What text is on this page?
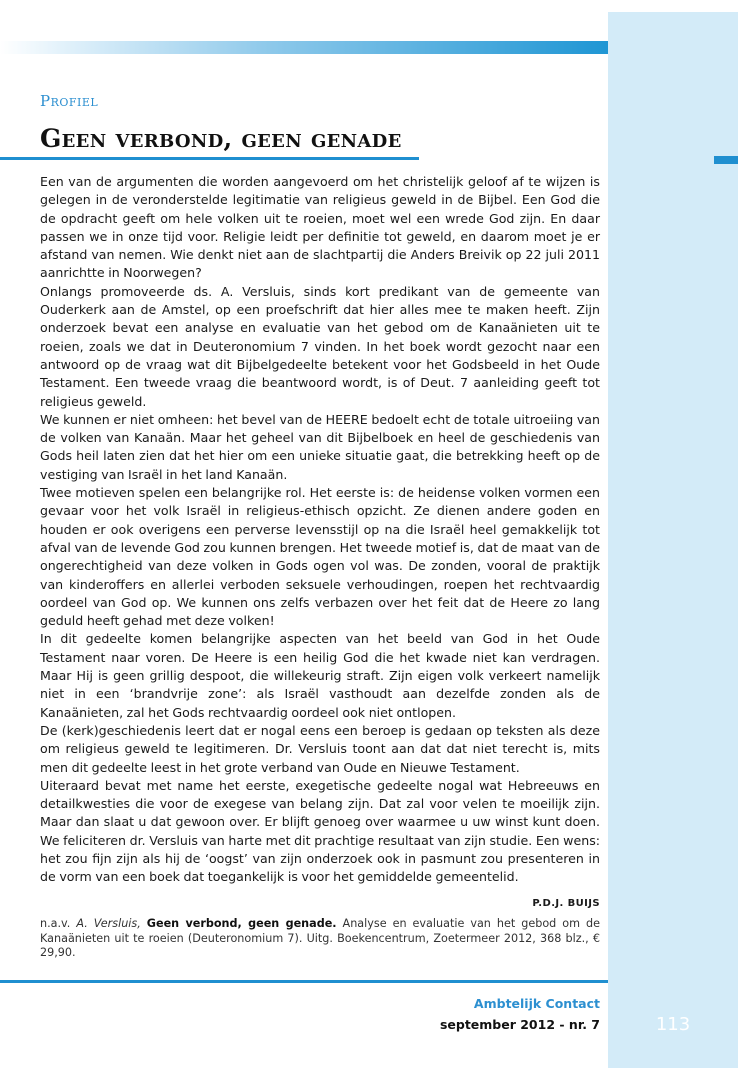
Profiel
Geen verbond, geen genade

Een van de argumenten die worden aangevoerd om het christelijk geloof af te wijzen is gelegen in de veronderstelde legitimatie van religieus geweld in de Bijbel. Een God die de opdracht geeft om hele volken uit te roeien, moet wel een wrede God zijn. En daar passen we in onze tijd voor. Religie leidt per definitie tot geweld, en daarom moet je er afstand van nemen. Wie denkt niet aan de slachtpartij die Anders Breivik op 22 juli 2011 aanrichtte in Noorwegen?

Onlangs promoveerde ds. A. Versluis, sinds kort predikant van de gemeente van Ouderkerk aan de Amstel, op een proefschrift dat hier alles mee te maken heeft. Zijn onderzoek bevat een analyse en evaluatie van het gebod om de Kanaänieten uit te roeien, zoals we dat in Deuteronomium 7 vinden. In het boek wordt gezocht naar een antwoord op de vraag wat dit Bijbelgedeelte betekent voor het Godsbeeld in het Oude Testament. Een tweede vraag die beantwoord wordt, is of Deut. 7 aanleiding geeft tot religieus geweld.

We kunnen er niet omheen: het bevel van de HEERE bedoelt echt de totale uitroeiing van de volken van Kanaän. Maar het geheel van dit Bijbelboek en heel de geschiedenis van Gods heil laten zien dat het hier om een unieke situatie gaat, die betrekking heeft op de vestiging van Israël in het land Kanaän.

Twee motieven spelen een belangrijke rol. Het eerste is: de heidense volken vormen een gevaar voor het volk Israël in religieus-ethisch opzicht. Ze dienen andere goden en houden er ook overigens een perverse levensstijl op na die Israël heel gemakkelijk tot afval van de levende God zou kunnen brengen. Het tweede motief is, dat de maat van de ongerechtigheid van deze volken in Gods ogen vol was. De zonden, vooral de praktijk van kinderoffers en allerlei verboden seksuele verhoudingen, roepen het rechtvaardig oordeel van God op. We kunnen ons zelfs verbazen over het feit dat de Heere zo lang geduld heeft gehad met deze volken!

In dit gedeelte komen belangrijke aspecten van het beeld van God in het Oude Testament naar voren. De Heere is een heilig God die het kwade niet kan verdragen. Maar Hij is geen grillig despoot, die willekeurig straft. Zijn eigen volk verkeert namelijk niet in een ‘brandvrije zone’: als Israël vasthoudt aan dezelfde zonden als de Kanaänieten, zal het Gods rechtvaardig oordeel ook niet ontlopen.

De (kerk)geschiedenis leert dat er nogal eens een beroep is gedaan op teksten als deze om religieus geweld te legitimeren. Dr. Versluis toont aan dat dat niet terecht is, mits men dit gedeelte leest in het grote verband van Oude en Nieuwe Testament.

Uiteraard bevat met name het eerste, exegetische gedeelte nogal wat Hebreeuws en detailkwesties die voor de exegese van belang zijn. Dat zal voor velen te moeilijk zijn. Maar dan slaat u dat gewoon over. Er blijft genoeg over waarmee u uw winst kunt doen. We feliciteren dr. Versluis van harte met dit prachtige resultaat van zijn studie. Een wens: het zou fijn zijn als hij de ‘oogst’ van zijn onderzoek ook in pasmunt zou presenteren in de vorm van een boek dat toegankelijk is voor het gemiddelde gemeentelid.

P.D.J. BUIJS
n.a.v. A. Versluis, Geen verbond, geen genade. Analyse en evaluatie van het gebod om de Kanaänieten uit te roeien (Deuteronomium 7). Uitg. Boekencentrum, Zoetermeer 2012, 368 blz., € 29,90.
Ambtelijk Contact
september 2012 - nr. 7	113
